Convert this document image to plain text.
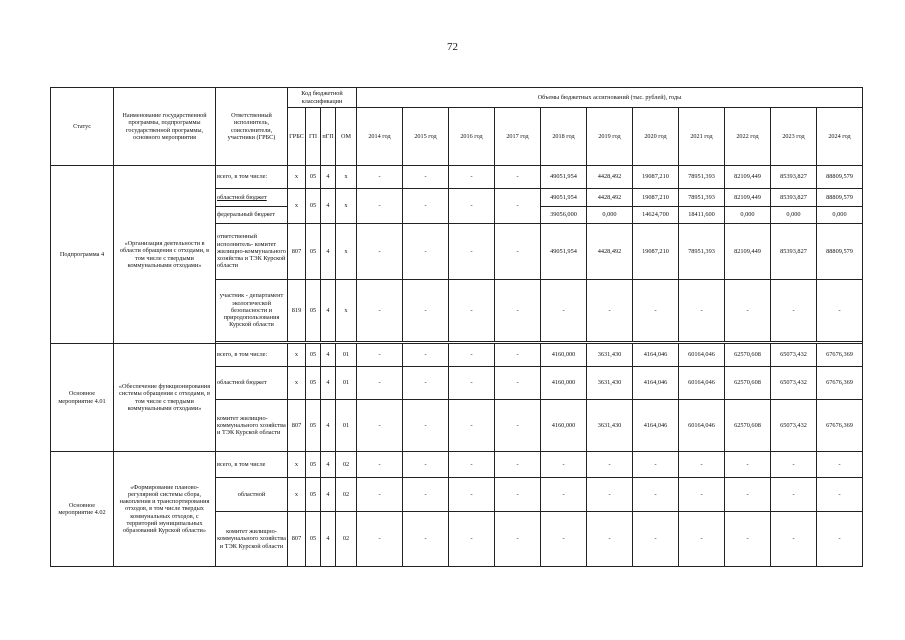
72
Статус	Наименование государственной программы, подпрограммы государственной программы, основного мероприятия	Ответственный исполнитель, соисполнители, участники (ГРБС)	Код бюджетной классификации				Объемы бюджетных ассигнований (тыс. рублей), годы										
			ГРБС	ГП	пГП	ОМ	2014 год	2015 год	2016 год	2017 год	2018 год	2019 год	2020 год	2021 год	2022 год	2023 год	2024 год
Подпрограмма 4	«Организация деятельности в области обращения с отходами, в том числе с твердыми коммунальными отходами»	всего, в том числе:	х	05	4	х	-	-	-	-	49051,954	4428,492	19087,210	78951,393	82109,449	85393,827	88809,579
		областной бюджет	х	05	4	х	-	-	-	-	49051,954	4428,492	19087,210	78951,393	82109,449	85393,827	88809,579
		федеральный бюджет									39056,000	0,000	14624,700	18411,600	0,000	0,000	0,000
		ответственный исполнитель- комитет жилищно-коммунального хозяйства и ТЭК Курской области	807	05	4	х	-	-	-	-	49051,954	4428,492	19087,210	78951,393	82109,449	85393,827	88809,579
		участник - департамент экологической безопасности и природопользования Курской области	819	05	4	х	-	-	-	-	-	-	-	-	-	-	-

Основное мероприятие 4.01	«Обеспечение функционирования системы обращения с отходами, в том числе с твердыми коммунальными отходами»	всего, в том числе:	х	05	4	01	-	-	-	-	4160,000	3631,430	4164,046	60164,046	62570,608	65073,432	67676,369
		областной бюджет	х	05	4	01	-	-	-	-	4160,000	3631,430	4164,046	60164,046	62570,608	65073,432	67676,369
		комитет жилищно-коммунального хозяйства и ТЭК Курской области	807	05	4	01	-	-	-	-	4160,000	3631,430	4164,046	60164,046	62570,608	65073,432	67676,369
Основное мероприятие 4.02	«Формирование планово-регулярной системы сбора, накопления и транспортирования отходов, в том числе твердых коммунальных отходов, с территорий муниципальных образований Курской области»	всего, в том числе	х	05	4	02	-	-	-	-	-	-	-	-	-	-	-
		областной	х	05	4	02	-	-	-	-	-	-	-	-	-	-	-
		комитет жилищно-коммунального хозяйства и ТЭК Курской области	807	05	4	02	-	-	-	-	-	-	-	-	-	-	-
